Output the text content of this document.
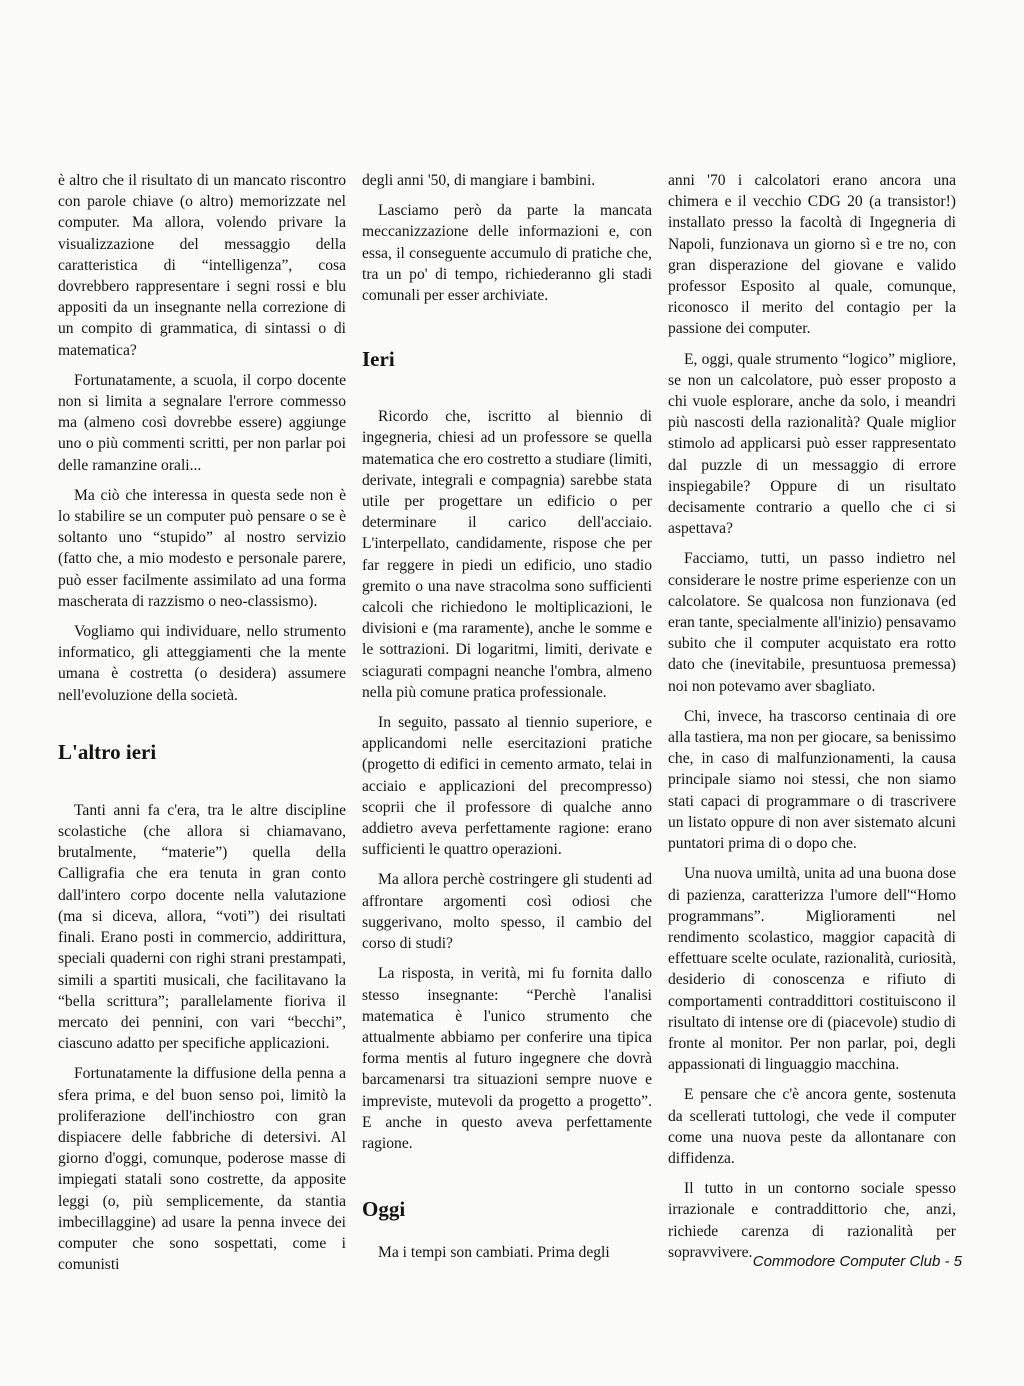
è altro che il risultato di un mancato riscontro con parole chiave (o altro) memorizzate nel computer. Ma allora, volendo privare la visualizzazione del messaggio della caratteristica di “intelligenza”, cosa dovrebbero rappresentare i segni rossi e blu appositi da un insegnante nella correzione di un compito di grammatica, di sintassi o di matematica?

Fortunatamente, a scuola, il corpo docente non si limita a segnalare l'errore commesso ma (almeno così dovrebbe essere) aggiunge uno o più commenti scritti, per non parlar poi delle ramanzine orali...

Ma ciò che interessa in questa sede non è lo stabilire se un computer può pensare o se è soltanto uno “stupido” al nostro servizio (fatto che, a mio modesto e personale parere, può esser facilmente assimilato ad una forma mascherata di razzismo o neo-classismo).

Vogliamo qui individuare, nello strumento informatico, gli atteggiamenti che la mente umana è costretta (o desidera) assumere nell'evoluzione della società.

L'altro ieri

Tanti anni fa c'era, tra le altre discipline scolastiche (che allora si chiamavano, brutalmente, “materie”) quella della Calligrafia che era tenuta in gran conto dall'intero corpo docente nella valutazione (ma si diceva, allora, “voti”) dei risultati finali. Erano posti in commercio, addirittura, speciali quaderni con righi strani prestampati, simili a spartiti musicali, che facilitavano la “bella scrittura”; parallelamente fioriva il mercato dei pennini, con vari “becchi”, ciascuno adatto per specifiche applicazioni.

Fortunatamente la diffusione della penna a sfera prima, e del buon senso poi, limitò la proliferazione dell'inchiostro con gran dispiacere delle fabbriche di detersivi. Al giorno d'oggi, comunque, poderose masse di impiegati statali sono costrette, da apposite leggi (o, più semplicemente, da stantia imbecillaggine) ad usare la penna invece dei computer che sono sospettati, come i comunisti

degli anni '50, di mangiare i bambini.

Lasciamo però da parte la mancata meccanizzazione delle informazioni e, con essa, il conseguente accumulo di pratiche che, tra un po' di tempo, richiederanno gli stadi comunali per esser archiviate.

Ieri

Ricordo che, iscritto al biennio di ingegneria, chiesi ad un professore se quella matematica che ero costretto a studiare (limiti, derivate, integrali e compagnia) sarebbe stata utile per progettare un edificio o per determinare il carico dell'acciaio. L'interpellato, candidamente, rispose che per far reggere in piedi un edificio, uno stadio gremito o una nave stracolma sono sufficienti calcoli che richiedono le moltiplicazioni, le divisioni e (ma raramente), anche le somme e le sottrazioni. Di logaritmi, limiti, derivate e sciagurati compagni neanche l'ombra, almeno nella più comune pratica professionale.

In seguito, passato al tiennio superiore, e applicandomi nelle esercitazioni pratiche (progetto di edifici in cemento armato, telai in acciaio e applicazioni del precompresso) scoprii che il professore di qualche anno addietro aveva perfettamente ragione: erano sufficienti le quattro operazioni.

Ma allora perchè costringere gli studenti ad affrontare argomenti così odiosi che suggerivano, molto spesso, il cambio del corso di studi?

La risposta, in verità, mi fu fornita dallo stesso insegnante: “Perchè l'analisi matematica è l'unico strumento che attualmente abbiamo per conferire una tipica forma mentis al futuro ingegnere che dovrà barcamenarsi tra situazioni sempre nuove e impreviste, mutevoli da progetto a progetto”. E anche in questo aveva perfettamente ragione.

Oggi

Ma i tempi son cambiati. Prima degli

anni '70 i calcolatori erano ancora una chimera e il vecchio CDG 20 (a transistor!) installato presso la facoltà di Ingegneria di Napoli, funzionava un giorno sì e tre no, con gran disperazione del giovane e valido professor Esposito al quale, comunque, riconosco il merito del contagio per la passione dei computer.

E, oggi, quale strumento “logico” migliore, se non un calcolatore, può esser proposto a chi vuole esplorare, anche da solo, i meandri più nascosti della razionalità? Quale miglior stimolo ad applicarsi può esser rappresentato dal puzzle di un messaggio di errore inspiegabile? Oppure di un risultato decisamente contrario a quello che ci si aspettava?

Facciamo, tutti, un passo indietro nel considerare le nostre prime esperienze con un calcolatore. Se qualcosa non funzionava (ed eran tante, specialmente all'inizio) pensavamo subito che il computer acquistato era rotto dato che (inevitabile, presuntuosa premessa) noi non potevamo aver sbagliato.

Chi, invece, ha trascorso centinaia di ore alla tastiera, ma non per giocare, sa benissimo che, in caso di malfunzionamenti, la causa principale siamo noi stessi, che non siamo stati capaci di programmare o di trascrivere un listato oppure di non aver sistemato alcuni puntatori prima di o dopo che.

Una nuova umiltà, unita ad una buona dose di pazienza, caratterizza l'umore dell'“Homo programmans”. Miglioramenti nel rendimento scolastico, maggior capacità di effettuare scelte oculate, razionalità, curiosità, desiderio di conoscenza e rifiuto di comportamenti contraddittori costituiscono il risultato di intense ore di (piacevole) studio di fronte al monitor. Per non parlar, poi, degli appassionati di linguaggio macchina.

E pensare che c'è ancora gente, sostenuta da scellerati tuttologi, che vede il computer come una nuova peste da allontanare con diffidenza.

Il tutto in un contorno sociale spesso irrazionale e contraddittorio che, anzi, richiede carenza di razionalità per sopravvivere.

Commodore Computer Club - 5
